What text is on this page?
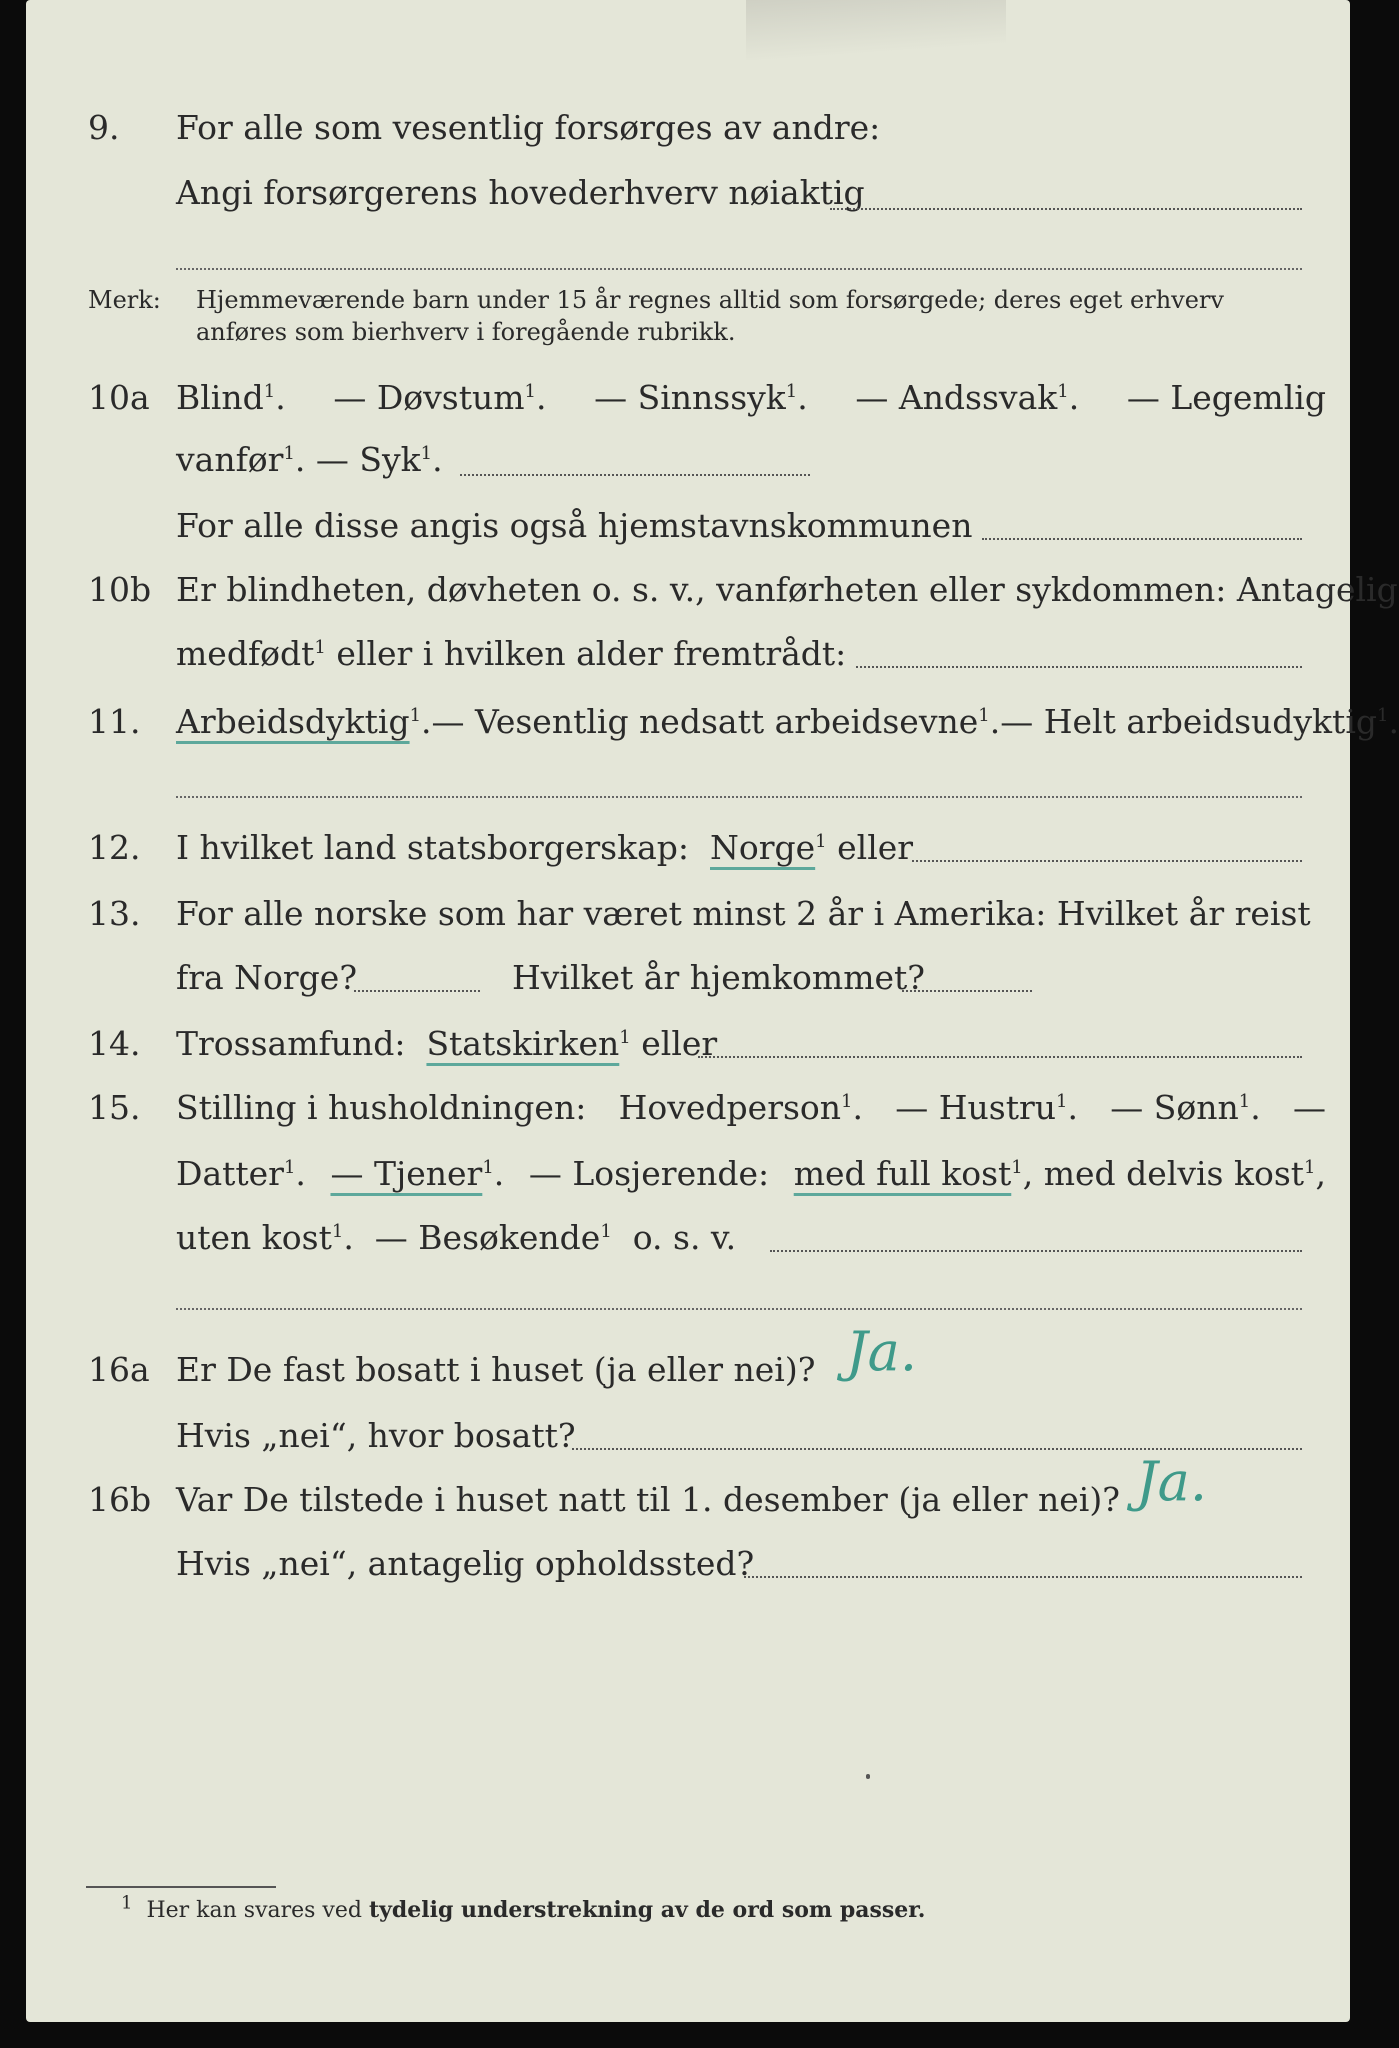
9.	For alle som vesentlig forsørges av andre:
Angi forsørgerens hovederhverv nøiaktig
Merk: Hjemmeværende barn under 15 år regnes alltid som forsørgede; deres eget erhverv anføres som bierhverv i foregående rubrikk.
10a Blind$^1$. — Døvstum$^1$. — Sinnssyk$^1$. — Andssvak$^1$. — Legemlig
vanfør$^1$. — Syk$^1$.
For alle disse angis også hjemstavnskommunen
10b Er blindheten, døvheten o. s. v., vanførheten eller sykdommen: Antagelig
medfødt$^1$ eller i hvilken alder fremtrådt:
11.	Arbeidsdyktig$^1$. — Vesentlig nedsatt arbeidsevne$^1$. — Helt arbeidsudyktig$^1$.
12.	I hvilket land statsborgerskap: Norge$^1$ eller
13.	For alle norske som har været minst 2 år i Amerika: Hvilket år reist
fra Norge?	Hvilket år hjemkommet?
14.	Trossamfund: Statskirken$^1$ eller
15.	Stilling i husholdningen: Hovedperson$^1$. — Hustru$^1$. — Sønn$^1$. —
Datter$^1$. — Tjener$^1$. — Losjerende: med full kost$^1$, med delvis kost$^1$,
uten kost$^1$.  — Besøkende$^1$ o. s. v.
16a Er De fast bosatt i huset (ja eller nei)? Ja.
Hvis „nei“, hvor bosatt?
16b Var De tilstede i huset natt til 1. desember (ja eller nei)? Ja.
Hvis „nei“, antagelig opholdssted?
$^1$ Her kan svares ved tydelig understrekning av de ord som passer.
